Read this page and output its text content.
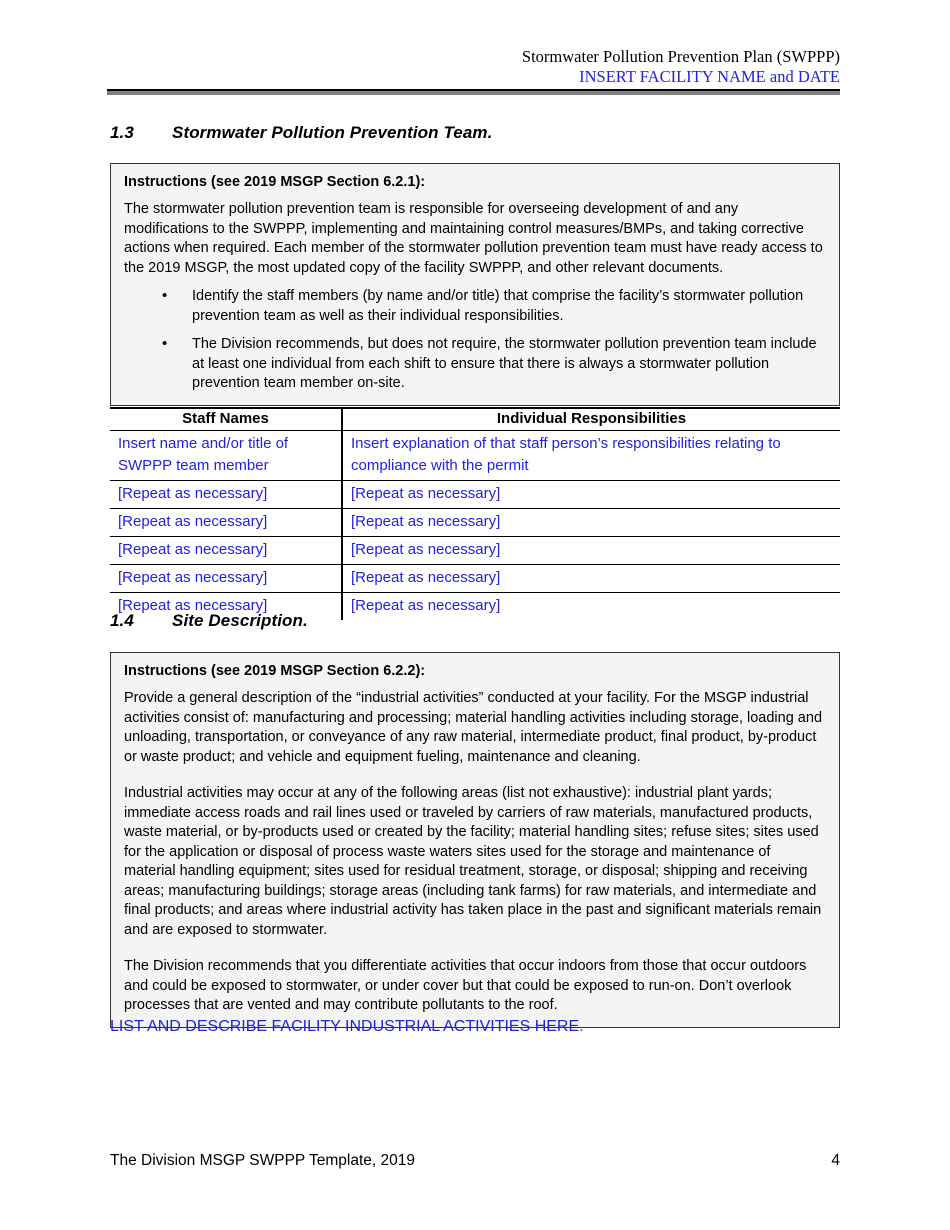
Stormwater Pollution Prevention Plan (SWPPP)
INSERT FACILITY NAME and DATE
1.3 Stormwater Pollution Prevention Team.
Instructions (see 2019 MSGP Section 6.2.1):

The stormwater pollution prevention team is responsible for overseeing development of and any modifications to the SWPPP, implementing and maintaining control measures/BMPs, and taking corrective actions when required. Each member of the stormwater pollution prevention team must have ready access to the 2019 MSGP, the most updated copy of the facility SWPPP, and other relevant documents.

• Identify the staff members (by name and/or title) that comprise the facility’s stormwater pollution prevention team as well as their individual responsibilities.
• The Division recommends, but does not require, the stormwater pollution prevention team include at least one individual from each shift to ensure that there is always a stormwater pollution prevention team member on-site.
Staff Names	Individual Responsibilities
Insert name and/or title of SWPPP team member	Insert explanation of that staff person’s responsibilities relating to compliance with the permit
[Repeat as necessary]	[Repeat as necessary]
[Repeat as necessary]	[Repeat as necessary]
[Repeat as necessary]	[Repeat as necessary]
[Repeat as necessary]	[Repeat as necessary]
[Repeat as necessary]	[Repeat as necessary]
1.4 Site Description.
Instructions (see 2019 MSGP Section 6.2.2):

Provide a general description of the “industrial activities” conducted at your facility. For the MSGP industrial activities consist of: manufacturing and processing; material handling activities including storage, loading and unloading, transportation, or conveyance of any raw material, intermediate product, final product, by-product or waste product; and vehicle and equipment fueling, maintenance and cleaning.

Industrial activities may occur at any of the following areas (list not exhaustive): industrial plant yards; immediate access roads and rail lines used or traveled by carriers of raw materials, manufactured products, waste material, or by-products used or created by the facility; material handling sites; refuse sites; sites used for the application or disposal of process waste waters sites used for the storage and maintenance of material handling equipment; sites used for residual treatment, storage, or disposal; shipping and receiving areas; manufacturing buildings; storage areas (including tank farms) for raw materials, and intermediate and final products; and areas where industrial activity has taken place in the past and significant materials remain and are exposed to stormwater.

The Division recommends that you differentiate activities that occur indoors from those that occur outdoors and could be exposed to stormwater, or under cover but that could be exposed to run-on. Don’t overlook processes that are vented and may contribute pollutants to the roof.

LIST AND DESCRIBE FACILITY INDUSTRIAL ACTIVITIES HERE.
The Division MSGP SWPPP Template, 2019	4
